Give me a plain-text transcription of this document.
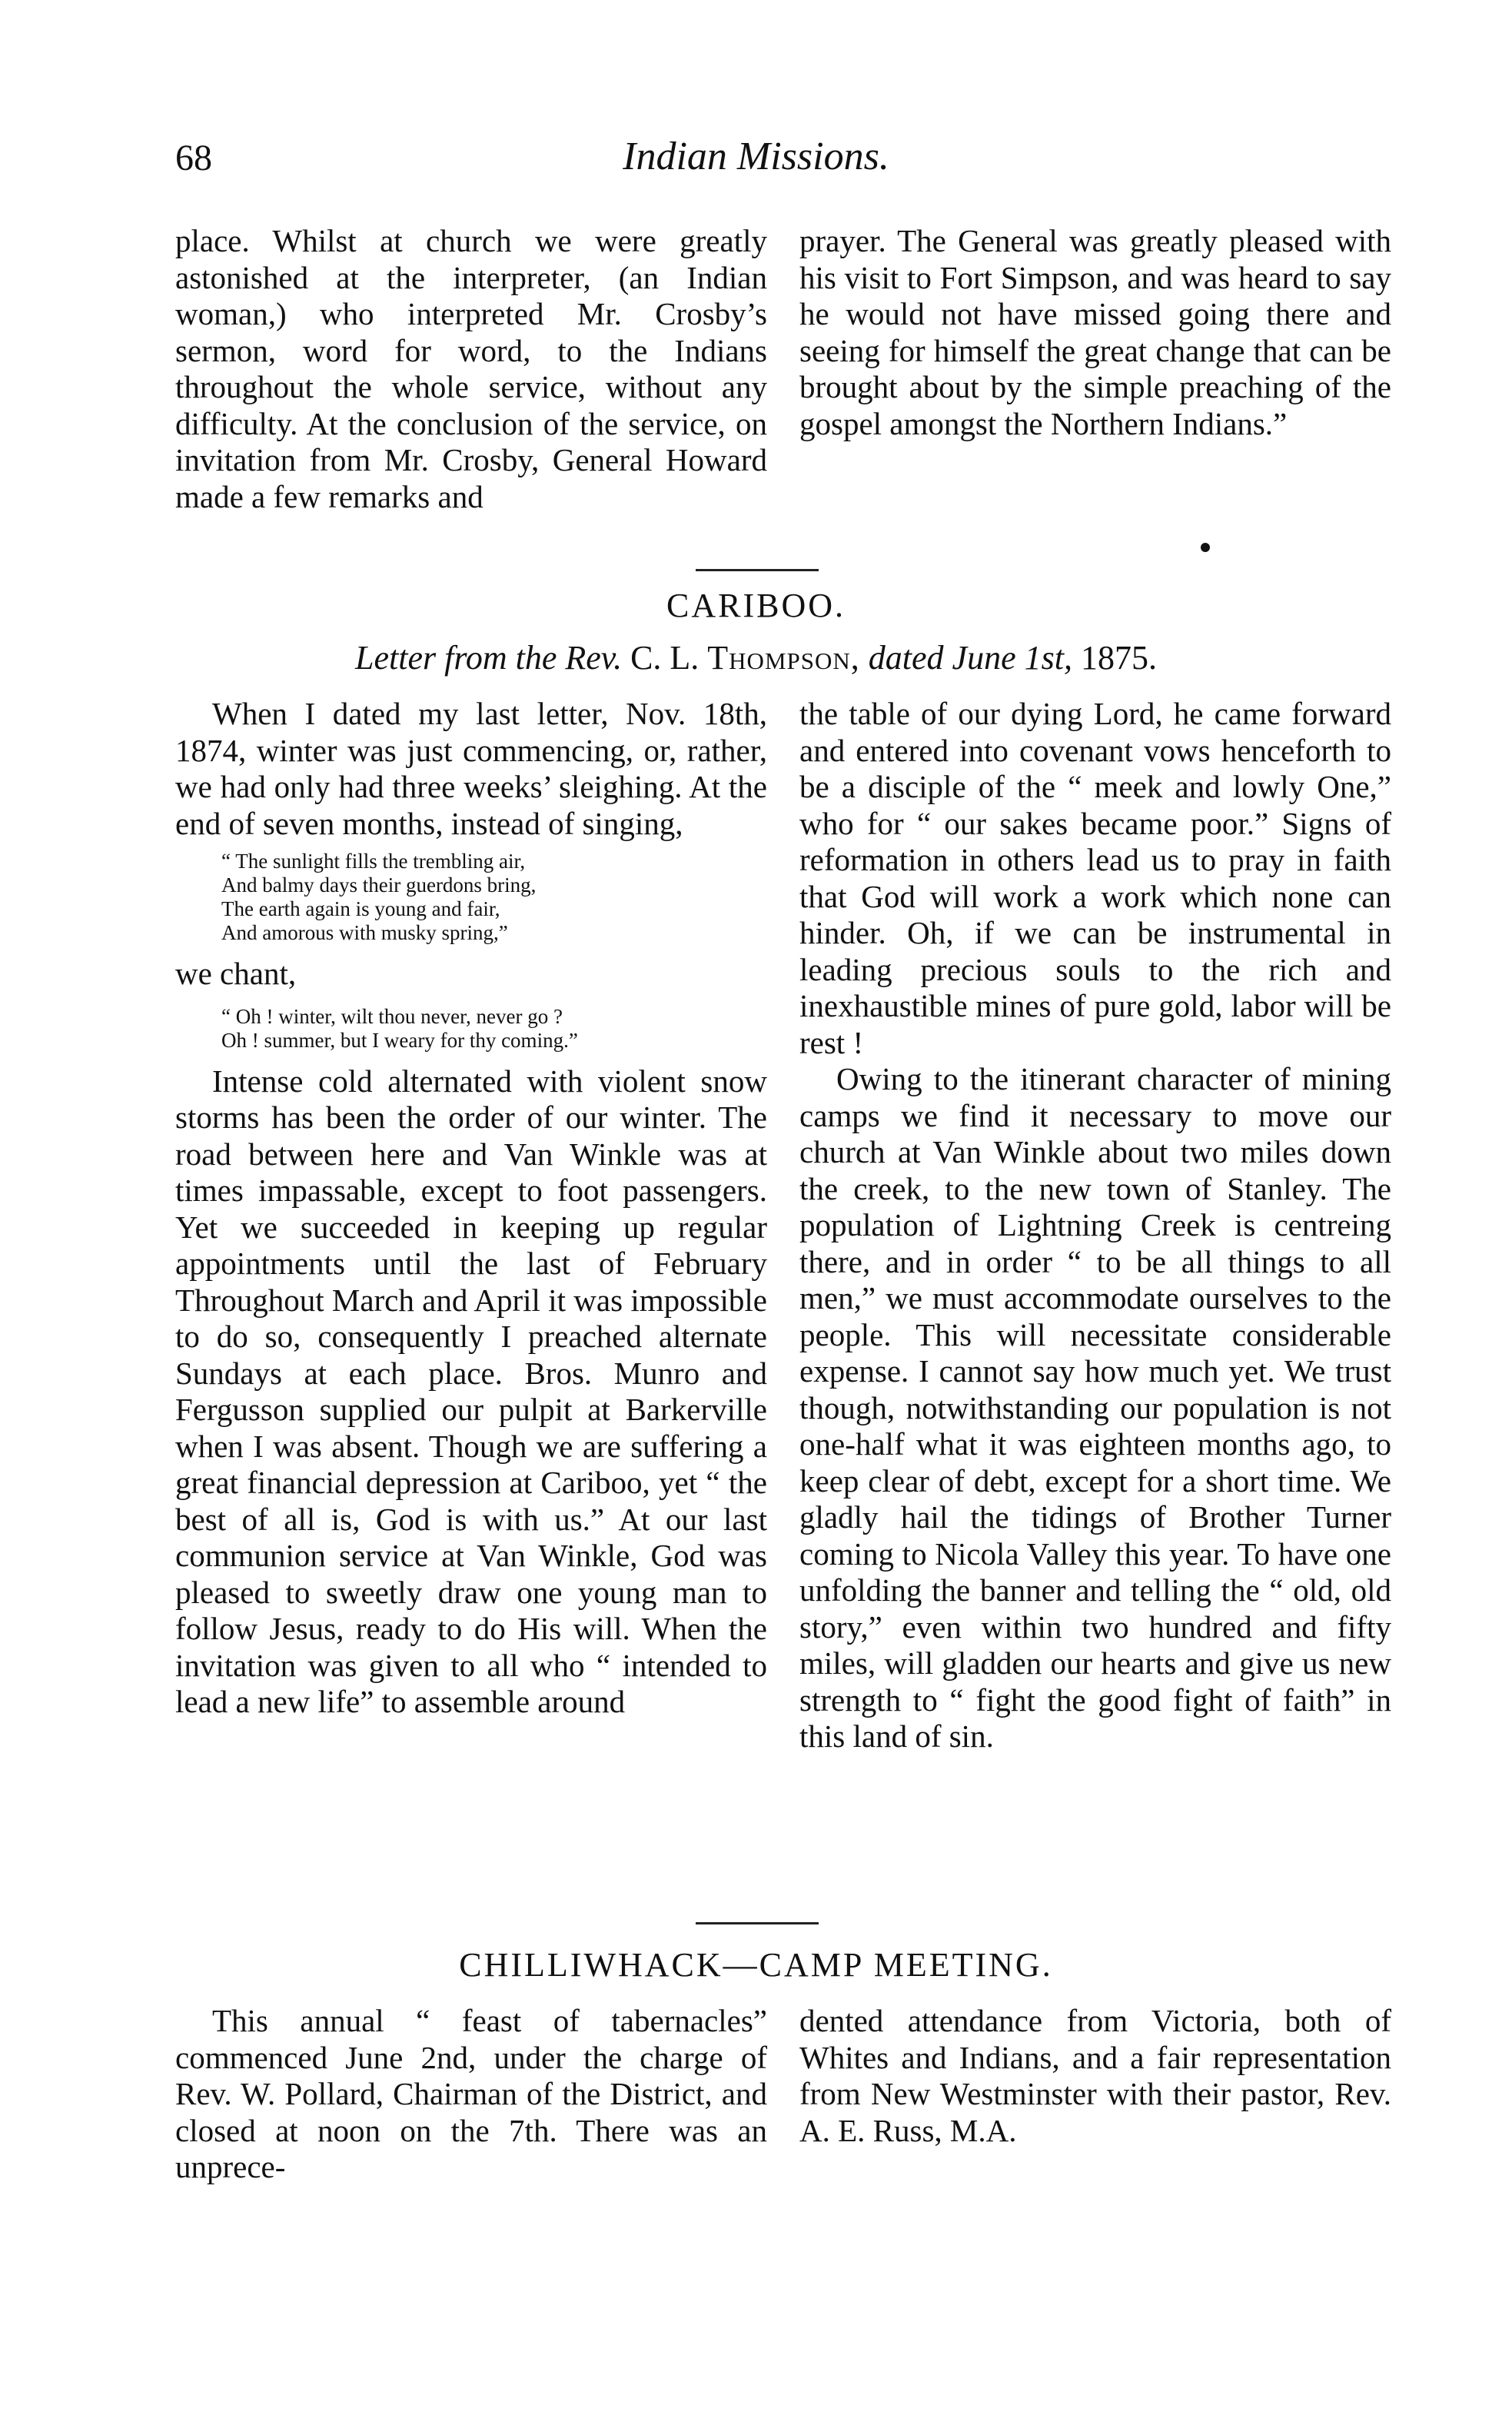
68	Indian Missions.

place. Whilst at church we were greatly astonished at the interpreter, (an Indian woman,) who interpreted Mr. Crosby’s sermon, word for word, to the Indians throughout the whole service, without any difficulty. At the conclusion of the service, on invitation from Mr. Crosby, General Howard made a few remarks and

prayer. The General was greatly pleased with his visit to Fort Simpson, and was heard to say he would not have missed going there and seeing for himself the great change that can be brought about by the simple preaching of the gospel amongst the Northern Indians.”

CARIBOO.
Letter from the Rev. C. L. Thompson, dated June 1st, 1875.

When I dated my last letter, Nov. 18th, 1874, winter was just commencing, or, rather, we had only had three weeks’ sleighing. At the end of seven months, instead of singing,

“ The sunlight fills the trembling air,
And balmy days their guerdons bring,
The earth again is young and fair,
And amorous with musky spring,”

we chant,

“ Oh ! winter, wilt thou never, never go ?
Oh ! summer, but I weary for thy coming.”

Intense cold alternated with violent snow storms has been the order of our winter. The road between here and Van Winkle was at times impassable, except to foot passengers. Yet we succeeded in keeping up regular appointments until the last of February Throughout March and April it was impossible to do so, consequently I preached alternate Sundays at each place. Bros. Munro and Fergusson supplied our pulpit at Barkerville when I was absent. Though we are suffering a great financial depression at Cariboo, yet “ the best of all is, God is with us.” At our last communion service at Van Winkle, God was pleased to sweetly draw one young man to follow Jesus, ready to do His will. When the invitation was given to all who “ intended to lead a new life” to assemble around

the table of our dying Lord, he came forward and entered into covenant vows henceforth to be a disciple of the “ meek and lowly One,” who for “ our sakes became poor.” Signs of reformation in others lead us to pray in faith that God will work a work which none can hinder. Oh, if we can be instrumental in leading precious souls to the rich and inexhaustible mines of pure gold, labor will be rest !

Owing to the itinerant character of mining camps we find it necessary to move our church at Van Winkle about two miles down the creek, to the new town of Stanley. The population of Lightning Creek is centreing there, and in order “ to be all things to all men,” we must accommodate ourselves to the people. This will necessitate considerable expense. I cannot say how much yet. We trust though, notwithstanding our population is not one-half what it was eighteen months ago, to keep clear of debt, except for a short time. We gladly hail the tidings of Brother Turner coming to Nicola Valley this year. To have one unfolding the banner and telling the “ old, old story,” even within two hundred and fifty miles, will gladden our hearts and give us new strength to “ fight the good fight of faith” in this land of sin.

CHILLIWHACK—CAMP MEETING.

This annual “ feast of tabernacles” commenced June 2nd, under the charge of Rev. W. Pollard, Chairman of the District, and closed at noon on the 7th. There was an unprece-

dented attendance from Victoria, both of Whites and Indians, and a fair representation from New Westminster with their pastor, Rev. A. E. Russ, M.A.
